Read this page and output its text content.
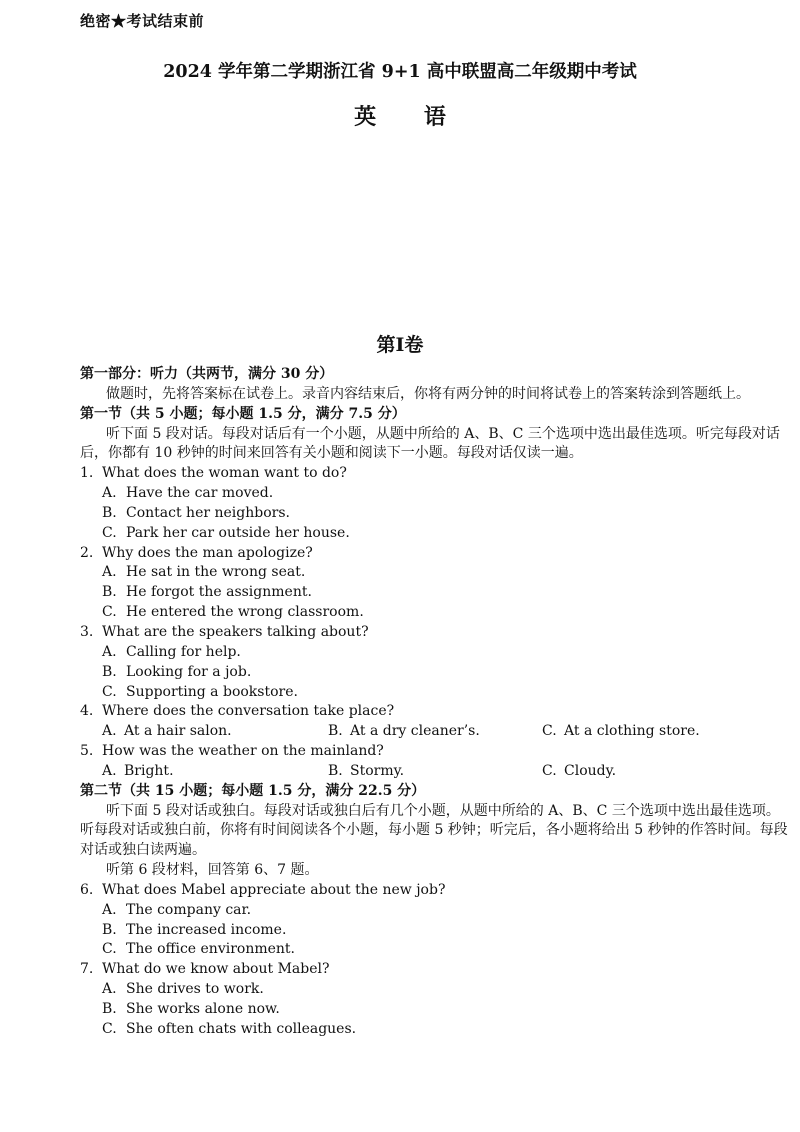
绝密★考试结束前
2024 学年第二学期浙江省 9+1 高中联盟高二年级期中考试
英 语
第I卷
第一部分：听力（共两节，满分 30 分）
做题时，先将答案标在试卷上。录音内容结束后，你将有两分钟的时间将试卷上的答案转涂到答题纸上。
第一节（共 5 小题；每小题 1.5 分，满分 7.5 分）
听下面 5 段对话。每段对话后有一个小题，从题中所给的 A、B、C 三个选项中选出最佳选项。听完每段对话后，你都有 10 秒钟的时间来回答有关小题和阅读下一小题。每段对话仅读一遍。
1. What does the woman want to do?
A. Have the car moved.
B. Contact her neighbors.
C. Park her car outside her house.
2. Why does the man apologize?
A. He sat in the wrong seat.
B. He forgot the assignment.
C. He entered the wrong classroom.
3. What are the speakers talking about?
A. Calling for help.
B. Looking for a job.
C. Supporting a bookstore.
4. Where does the conversation take place?
A. At a hair salon.	B. At a dry cleaner’s.	C. At a clothing store.
5. How was the weather on the mainland?
A. Bright.	B. Stormy.	C. Cloudy.
第二节（共 15 小题；每小题 1.5 分，满分 22.5 分）
听下面 5 段对话或独白。每段对话或独白后有几个小题，从题中所给的 A、B、C 三个选项中选出最佳选项。听每段对话或独白前，你将有时间阅读各个小题，每小题 5 秒钟；听完后，各小题将给出 5 秒钟的作答时间。每段对话或独白读两遍。
听第 6 段材料，回答第 6、7 题。
6. What does Mabel appreciate about the new job?
A. The company car.
B. The increased income.
C. The office environment.
7. What do we know about Mabel?
A. She drives to work.
B. She works alone now.
C. She often chats with colleagues.
